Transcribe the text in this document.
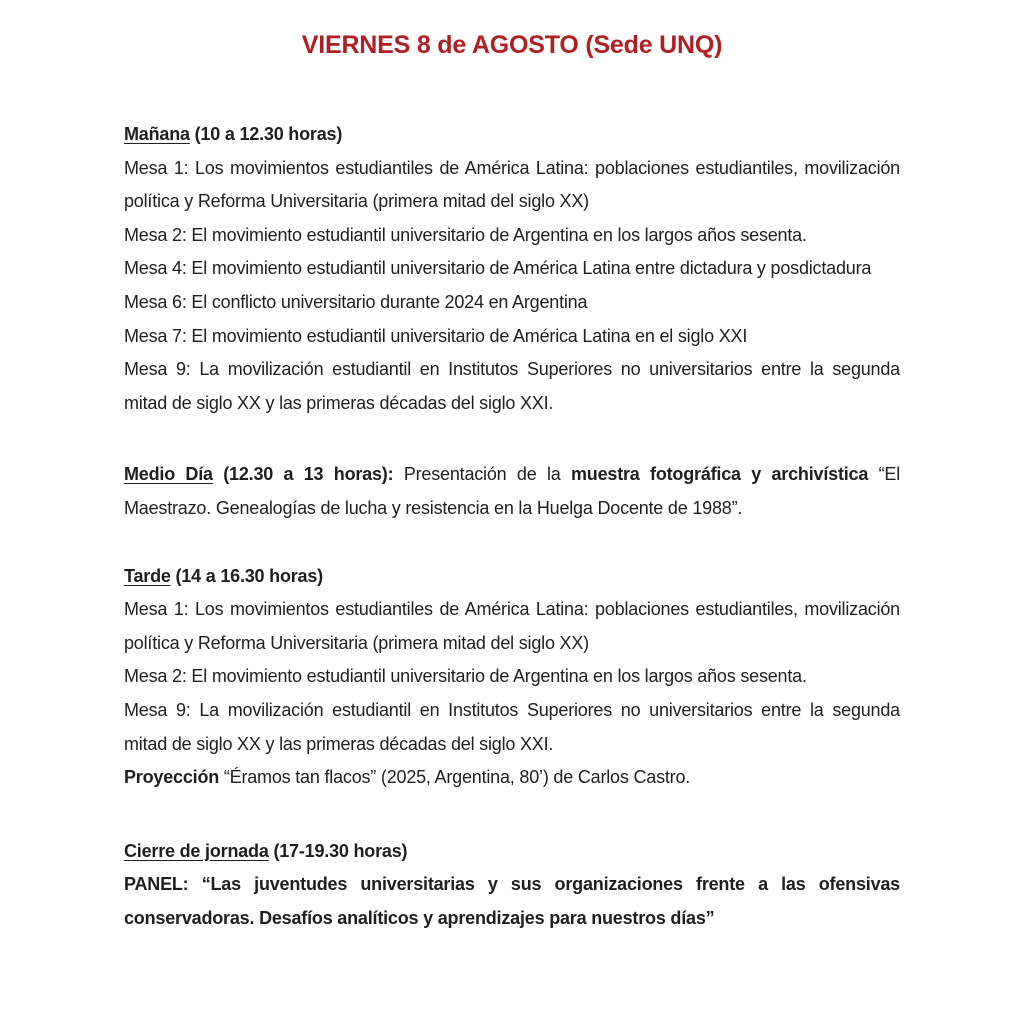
VIERNES 8 de AGOSTO (Sede UNQ)

Mañana (10 a 12.30 horas)

Mesa 1: Los movimientos estudiantiles de América Latina: poblaciones estudiantiles, movilización política y Reforma Universitaria (primera mitad del siglo XX)

Mesa 2: El movimiento estudiantil universitario de Argentina en los largos años sesenta.

Mesa 4: El movimiento estudiantil universitario de América Latina entre dictadura y posdictadura

Mesa 6: El conflicto universitario durante 2024 en Argentina

Mesa 7: El movimiento estudiantil universitario de América Latina en el siglo XXI

Mesa 9: La movilización estudiantil en Institutos Superiores no universitarios entre la segunda mitad de siglo XX y las primeras décadas del siglo XXI.

Medio Día (12.30 a 13 horas): Presentación de la muestra fotográfica y archivística “El Maestrazo. Genealogías de lucha y resistencia en la Huelga Docente de 1988”.

Tarde (14 a 16.30 horas)

Mesa 1: Los movimientos estudiantiles de América Latina: poblaciones estudiantiles, movilización política y Reforma Universitaria (primera mitad del siglo XX)

Mesa 2: El movimiento estudiantil universitario de Argentina en los largos años sesenta.

Mesa 9: La movilización estudiantil en Institutos Superiores no universitarios entre la segunda mitad de siglo XX y las primeras décadas del siglo XXI.

Proyección “Éramos tan flacos” (2025, Argentina, 80’) de Carlos Castro.

Cierre de jornada (17-19.30 horas)

PANEL: “Las juventudes universitarias y sus organizaciones frente a las ofensivas conservadoras. Desafíos analíticos y aprendizajes para nuestros días”
